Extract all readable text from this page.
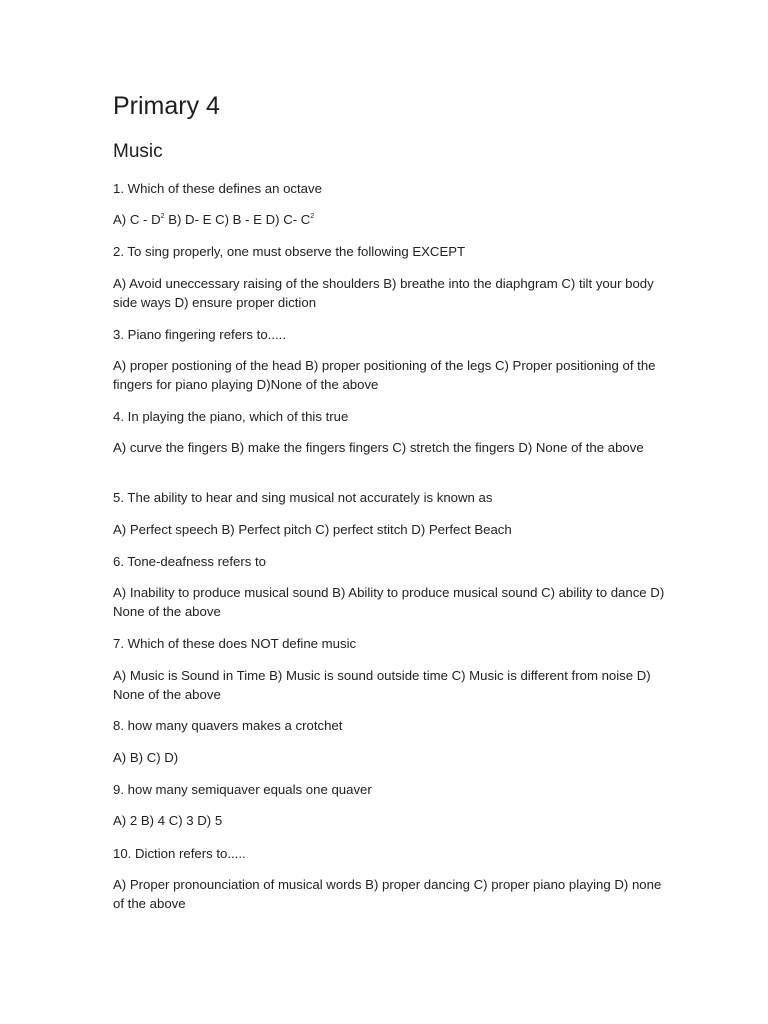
Primary 4
Music

1. Which of these defines an octave

A) C - $D^2$ B) D- E C) B - E D) C- $C^2$

2. To sing properly, one must observe the following EXCEPT

A) Avoid uneccessary raising of the shoulders B) breathe into the diaphgram C) tilt your body side ways D) ensure proper diction

3. Piano fingering refers to.....

A) proper postioning of the head B) proper positioning of the legs C) Proper positioning of the fingers for piano playing D)None of the above

4. In playing the piano, which of this true

A) curve the fingers B) make the fingers fingers C) stretch the fingers D) None of the above

5. The ability to hear and sing musical not accurately is known as

A) Perfect speech B) Perfect pitch C) perfect stitch D) Perfect Beach

6. Tone-deafness refers to

A) Inability to produce musical sound B) Ability to produce musical sound C) ability to dance D) None of the above

7. Which of these does NOT define music

A) Music is Sound in Time B) Music is sound outside time C) Music is different from noise D) None of the above

8. how many quavers makes a crotchet

A) B) C) D)

9. how many semiquaver equals one quaver

A) 2 B) 4 C) 3 D) 5

10. Diction refers to.....

A) Proper pronounciation of musical words B) proper dancing C) proper piano playing D) none of the above
